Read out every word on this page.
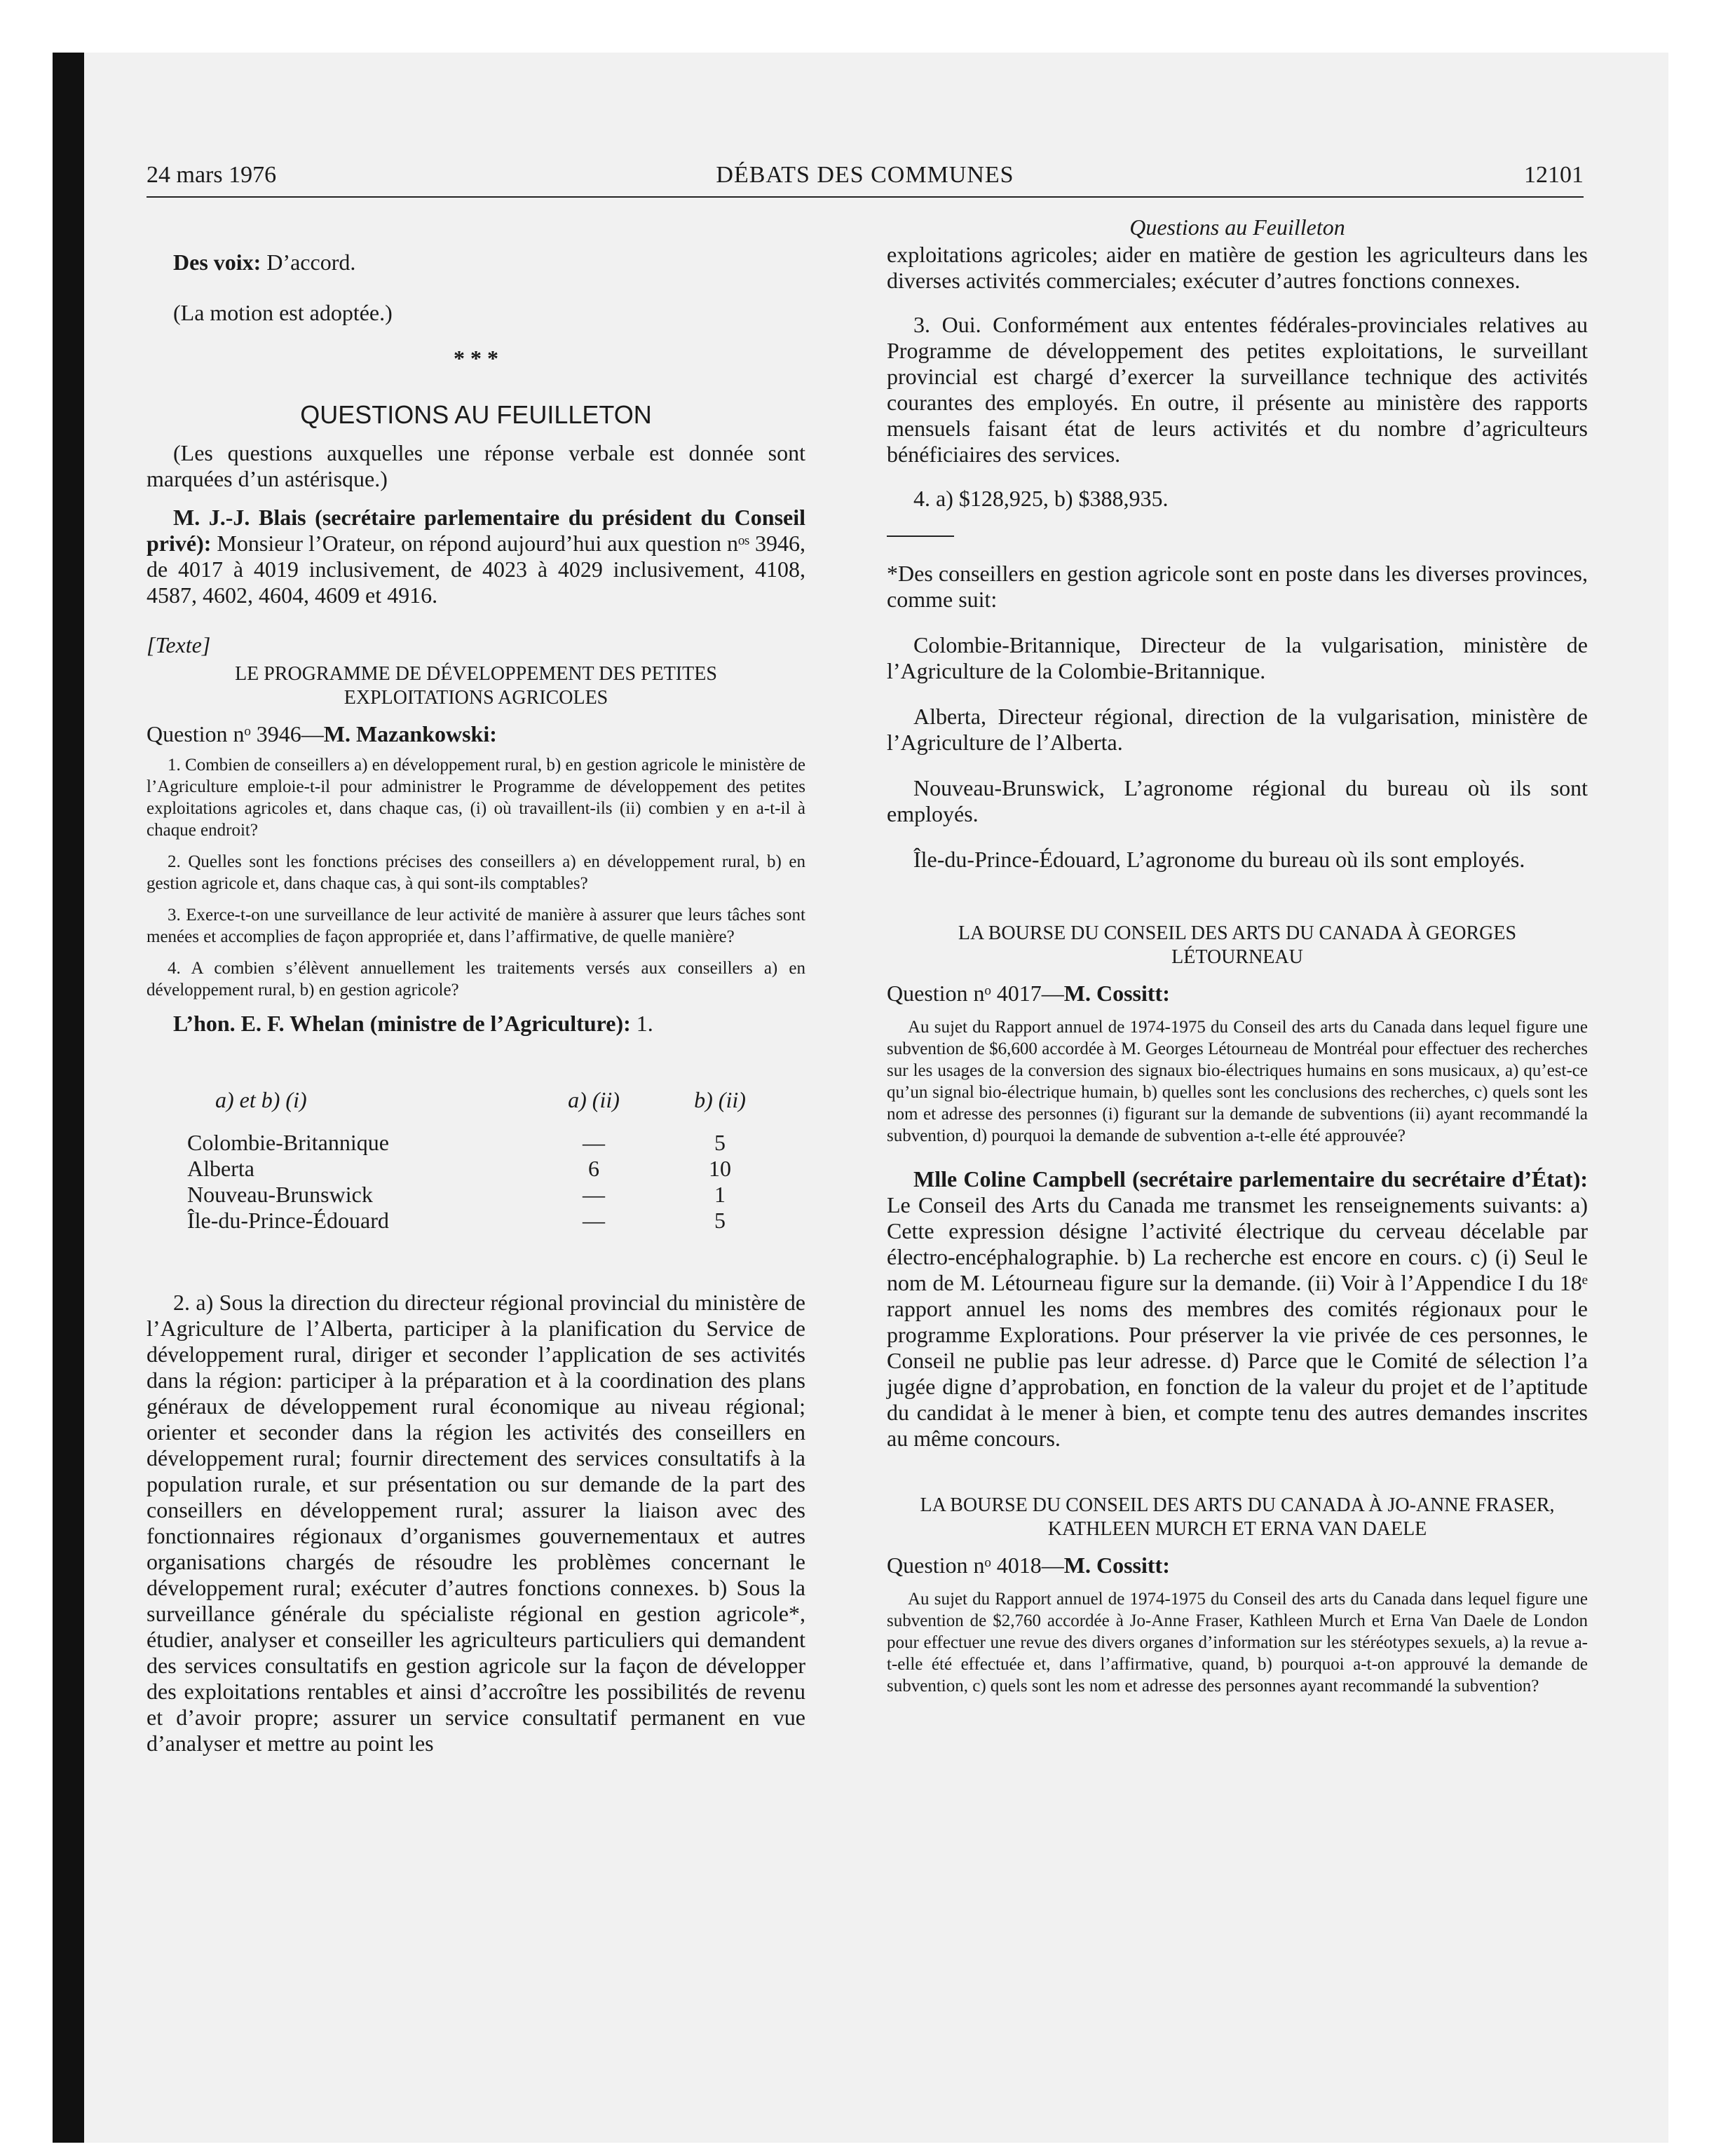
24 mars 1976	DÉBATS DES COMMUNES	12101

Des voix: D’accord.

(La motion est adoptée.)

* * *

QUESTIONS AU FEUILLETON

(Les questions auxquelles une réponse verbale est donnée sont marquées d’un astérisque.)

M. J.-J. Blais (secrétaire parlementaire du président du Conseil privé): Monsieur l’Orateur, on répond aujourd’hui aux question nᵒˢ 3946, de 4017 à 4019 inclusivement, de 4023 à 4029 inclusivement, 4108, 4587, 4602, 4604, 4609 et 4916.

[Texte]

LE PROGRAMME DE DÉVELOPPEMENT DES PETITES EXPLOITATIONS AGRICOLES

Question nᵒ 3946—M. Mazankowski:

1. Combien de conseillers a) en développement rural, b) en gestion agricole le ministère de l’Agriculture emploie-t-il pour administrer le Programme de développement des petites exploitations agricoles et, dans chaque cas, (i) où travaillent-ils (ii) combien y en a-t-il à chaque endroit?

2. Quelles sont les fonctions précises des conseillers a) en développement rural, b) en gestion agricole et, dans chaque cas, à qui sont-ils comptables?

3. Exerce-t-on une surveillance de leur activité de manière à assurer que leurs tâches sont menées et accomplies de façon appropriée et, dans l’affirmative, de quelle manière?

4. A combien s’élèvent annuellement les traitements versés aux conseillers a) en développement rural, b) en gestion agricole?

L’hon. E. F. Whelan (ministre de l’Agriculture): 1.

a) et b) (i)	a) (ii)	b) (ii)
Colombie-Britannique	—	5
Alberta	6	10
Nouveau-Brunswick	—	1
Île-du-Prince-Édouard	—	5

2. a) Sous la direction du directeur régional provincial du ministère de l’Agriculture de l’Alberta, participer à la planification du Service de développement rural, diriger et seconder l’application de ses activités dans la région: participer à la préparation et à la coordination des plans généraux de développement rural économique au niveau régional; orienter et seconder dans la région les activités des conseillers en développement rural; fournir directement des services consultatifs à la population rurale, et sur présentation ou sur demande de la part des conseillers en développement rural; assurer la liaison avec des fonctionnaires régionaux d’organismes gouvernementaux et autres organisations chargés de résoudre les problèmes concernant le développement rural; exécuter d’autres fonctions connexes. b) Sous la surveillance générale du spécialiste régional en gestion agricole*, étudier, analyser et conseiller les agriculteurs particuliers qui demandent des services consultatifs en gestion agricole sur la façon de développer des exploitations rentables et ainsi d’accroître les possibilités de revenu et d’avoir propre; assurer un service consultatif permanent en vue d’analyser et mettre au point les

Questions au Feuilleton

exploitations agricoles; aider en matière de gestion les agriculteurs dans les diverses activités commerciales; exécuter d’autres fonctions connexes.

3. Oui. Conformément aux ententes fédérales-provinciales relatives au Programme de développement des petites exploitations, le surveillant provincial est chargé d’exercer la surveillance technique des activités courantes des employés. En outre, il présente au ministère des rapports mensuels faisant état de leurs activités et du nombre d’agriculteurs bénéficiaires des services.

4. a) $128,925, b) $388,935.

*Des conseillers en gestion agricole sont en poste dans les diverses provinces, comme suit:

Colombie-Britannique, Directeur de la vulgarisation, ministère de l’Agriculture de la Colombie-Britannique.

Alberta, Directeur régional, direction de la vulgarisation, ministère de l’Agriculture de l’Alberta.

Nouveau-Brunswick, L’agronome régional du bureau où ils sont employés.

Île-du-Prince-Édouard, L’agronome du bureau où ils sont employés.

LA BOURSE DU CONSEIL DES ARTS DU CANADA À GEORGES LÉTOURNEAU

Question nᵒ 4017—M. Cossitt:

Au sujet du Rapport annuel de 1974-1975 du Conseil des arts du Canada dans lequel figure une subvention de $6,600 accordée à M. Georges Létourneau de Montréal pour effectuer des recherches sur les usages de la conversion des signaux bio-électriques humains en sons musicaux, a) qu’est-ce qu’un signal bio-électrique humain, b) quelles sont les conclusions des recherches, c) quels sont les nom et adresse des personnes (i) figurant sur la demande de subventions (ii) ayant recommandé la subvention, d) pourquoi la demande de subvention a-t-elle été approuvée?

Mlle Coline Campbell (secrétaire parlementaire du secrétaire d’État): Le Conseil des Arts du Canada me transmet les renseignements suivants: a) Cette expression désigne l’activité électrique du cerveau décelable par électro-encéphalographie. b) La recherche est encore en cours. c) (i) Seul le nom de M. Létourneau figure sur la demande. (ii) Voir à l’Appendice I du 18ᵉ rapport annuel les noms des membres des comités régionaux pour le programme Explorations. Pour préserver la vie privée de ces personnes, le Conseil ne publie pas leur adresse. d) Parce que le Comité de sélection l’a jugée digne d’approbation, en fonction de la valeur du projet et de l’aptitude du candidat à le mener à bien, et compte tenu des autres demandes inscrites au même concours.

LA BOURSE DU CONSEIL DES ARTS DU CANADA À JO-ANNE FRASER, KATHLEEN MURCH ET ERNA VAN DAELE

Question nᵒ 4018—M. Cossitt:

Au sujet du Rapport annuel de 1974-1975 du Conseil des arts du Canada dans lequel figure une subvention de $2,760 accordée à Jo-Anne Fraser, Kathleen Murch et Erna Van Daele de London pour effectuer une revue des divers organes d’information sur les stéréotypes sexuels, a) la revue a-t-elle été effectuée et, dans l’affirmative, quand, b) pourquoi a-t-on approuvé la demande de subvention, c) quels sont les nom et adresse des personnes ayant recommandé la subvention?
